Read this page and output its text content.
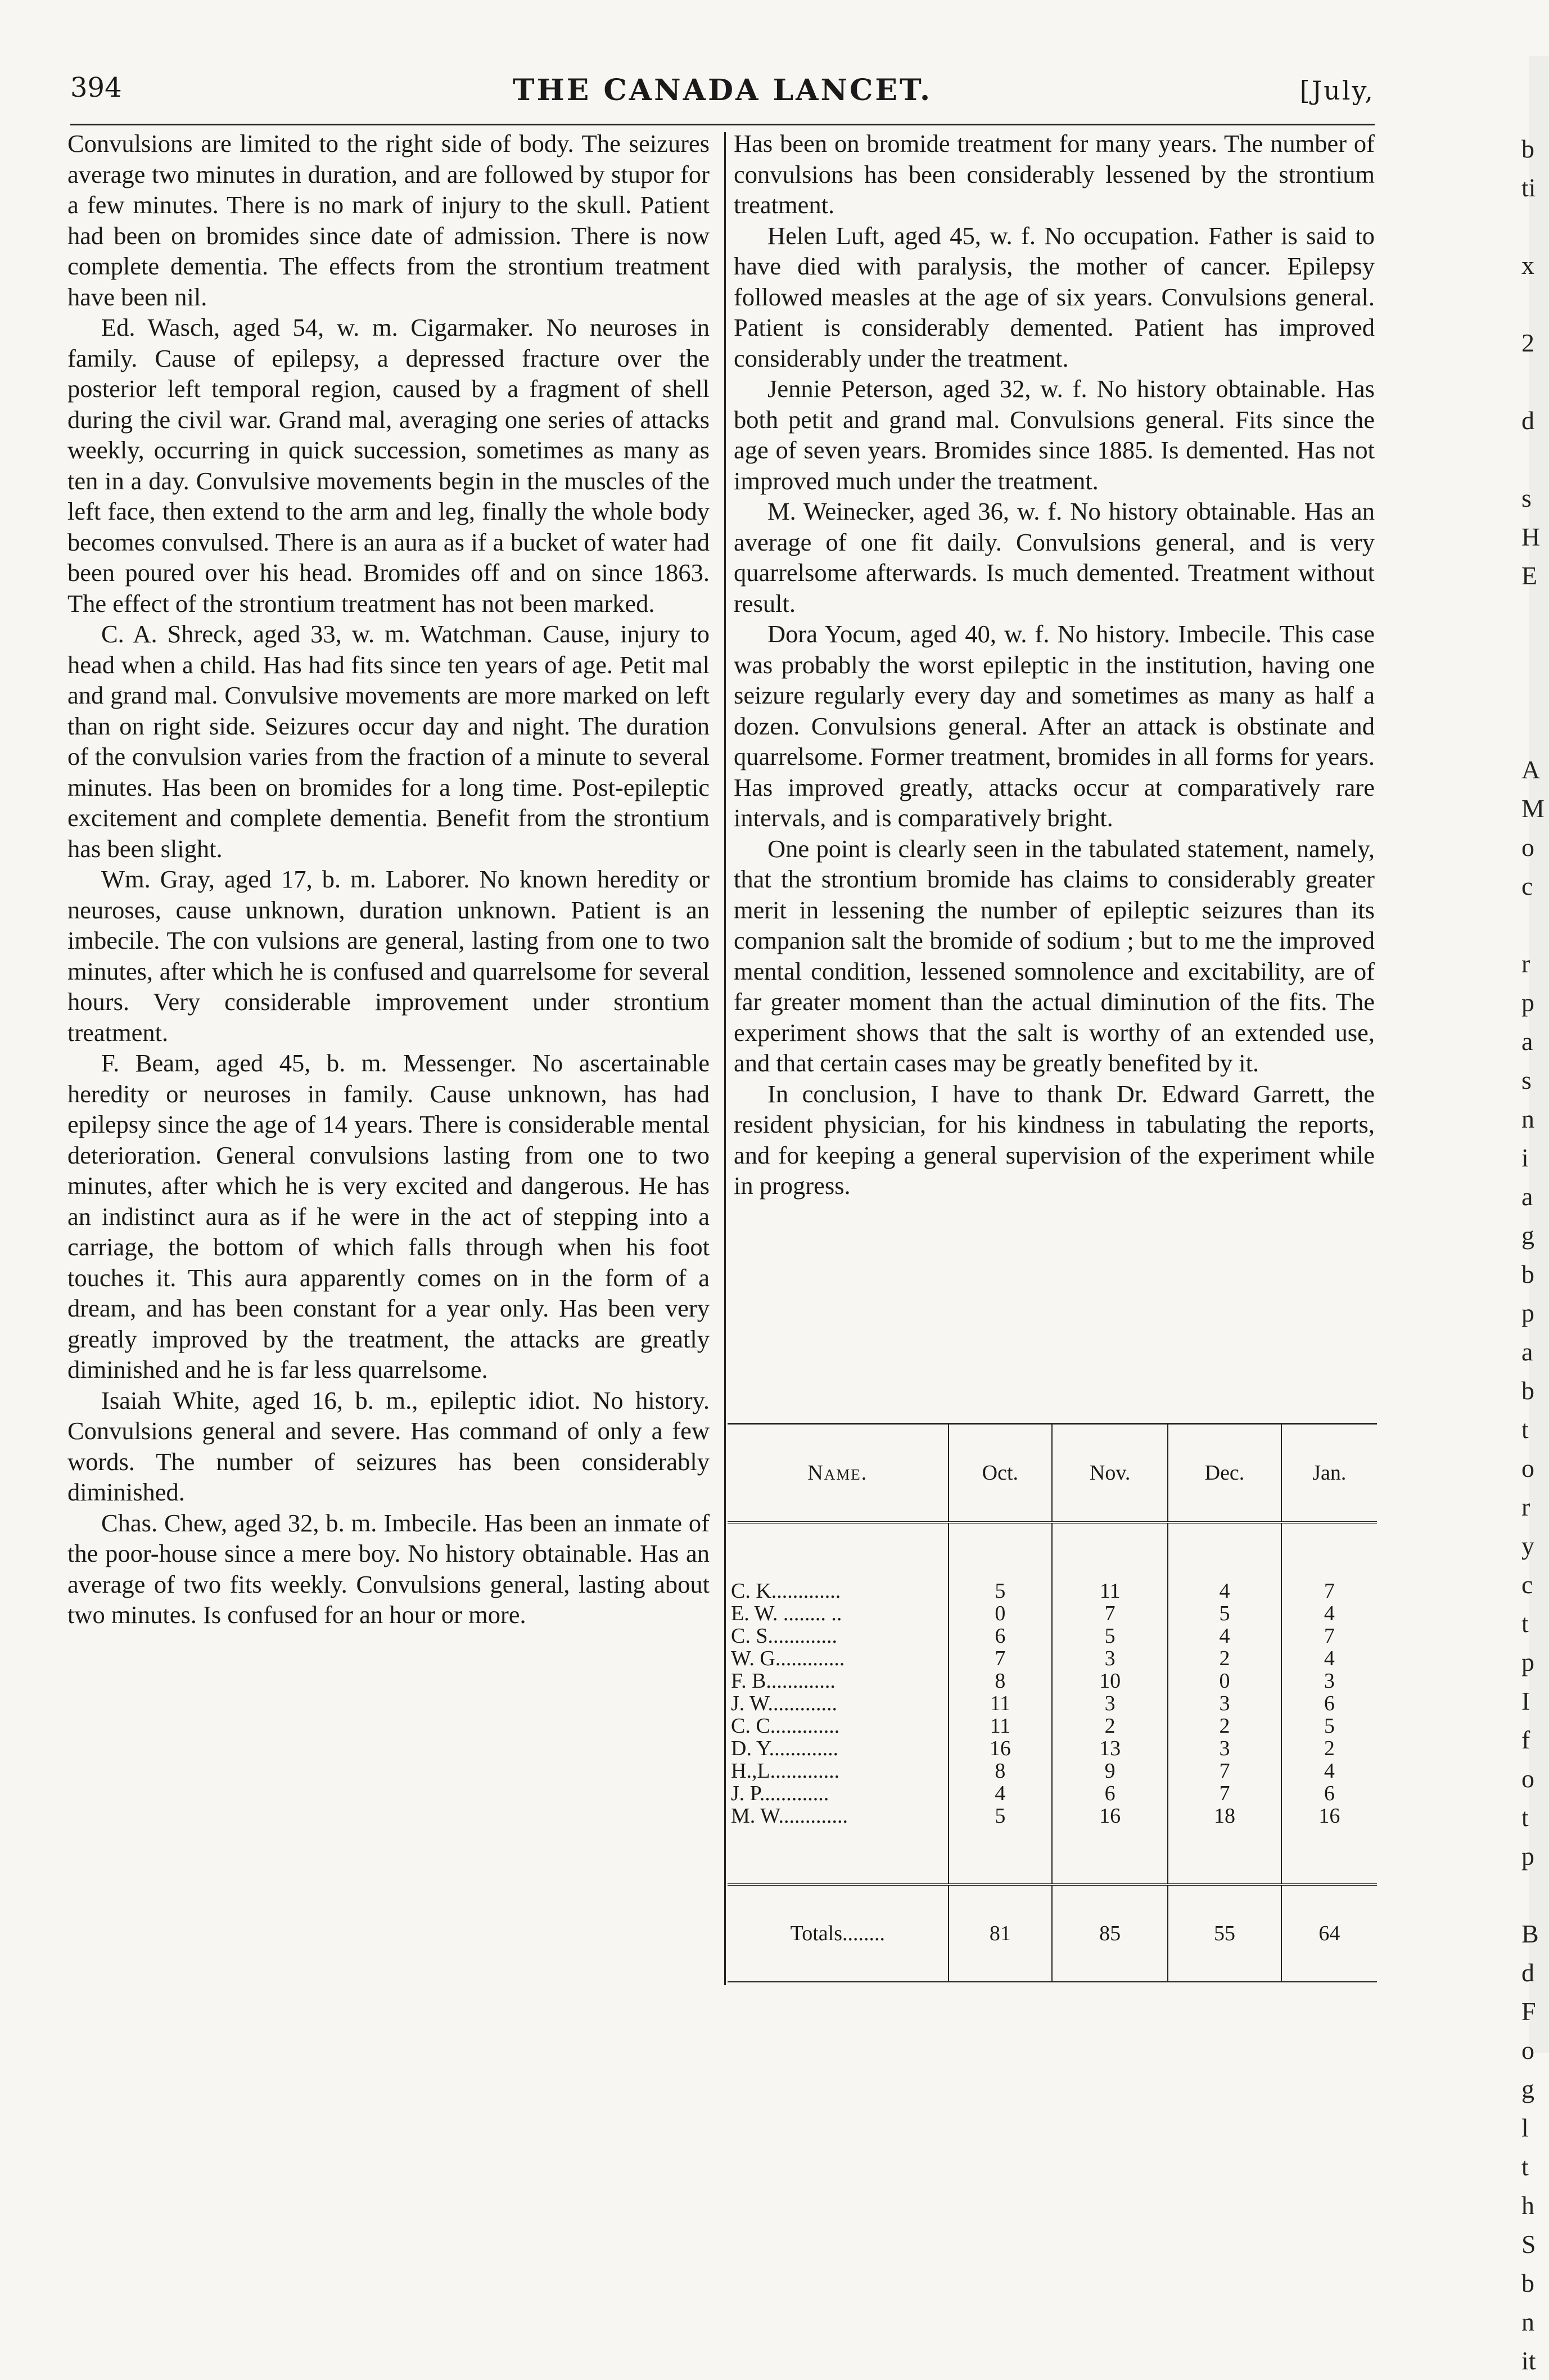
394	THE CANADA LANCET.	[July,

Convulsions are limited to the right side of body. The seizures average two minutes in duration, and are followed by stupor for a few minutes. There is no mark of injury to the skull. Patient had been on bromides since date of admission. There is now complete dementia. The effects from the strontium treatment have been nil.

Ed. Wasch, aged 54, w. m. Cigarmaker. No neuroses in family. Cause of epilepsy, a depressed fracture over the posterior left temporal region, caused by a fragment of shell during the civil war. Grand mal, averaging one series of attacks weekly, occurring in quick succession, sometimes as many as ten in a day. Convulsive movements begin in the muscles of the left face, then extend to the arm and leg, finally the whole body becomes convulsed. There is an aura as if a bucket of water had been poured over his head. Bromides off and on since 1863. The effect of the strontium treatment has not been marked.

C. A. Shreck, aged 33, w. m. Watchman. Cause, injury to head when a child. Has had fits since ten years of age. Petit mal and grand mal. Convulsive movements are more marked on left than on right side. Seizures occur day and night. The duration of the convulsion varies from the fraction of a minute to several minutes. Has been on bromides for a long time. Post-epileptic excitement and complete dementia. Benefit from the strontium has been slight.

Wm. Gray, aged 17, b. m. Laborer. No known heredity or neuroses, cause unknown, duration unknown. Patient is an imbecile. The con vulsions are general, lasting from one to two minutes, after which he is confused and quarrelsome for several hours. Very considerable improvement under strontium treatment.

F. Beam, aged 45, b. m. Messenger. No ascertainable heredity or neuroses in family. Cause unknown, has had epilepsy since the age of 14 years. There is considerable mental deterioration. General convulsions lasting from one to two minutes, after which he is very excited and dangerous. He has an indistinct aura as if he were in the act of stepping into a carriage, the bottom of which falls through when his foot touches it. This aura apparently comes on in the form of a dream, and has been constant for a year only. Has been very greatly improved by the treatment, the attacks are greatly diminished and he is far less quarrelsome.

Isaiah White, aged 16, b. m., epileptic idiot. No history. Convulsions general and severe. Has command of only a few words. The number of seizures has been considerably diminished.

Chas. Chew, aged 32, b. m. Imbecile. Has been an inmate of the poor-house since a mere boy. No history obtainable. Has an average of two fits weekly. Convulsions general, lasting about two minutes. Is confused for an hour or more.

Has been on bromide treatment for many years. The number of convulsions has been considerably lessened by the strontium treatment.

Helen Luft, aged 45, w. f. No occupation. Father is said to have died with paralysis, the mother of cancer. Epilepsy followed measles at the age of six years. Convulsions general. Patient is considerably demented. Patient has improved considerably under the treatment.

Jennie Peterson, aged 32, w. f. No history obtainable. Has both petit and grand mal. Convulsions general. Fits since the age of seven years. Bromides since 1885. Is demented. Has not improved much under the treatment.

M. Weinecker, aged 36, w. f. No history obtainable. Has an average of one fit daily. Convulsions general, and is very quarrelsome afterwards. Is much demented. Treatment without result.

Dora Yocum, aged 40, w. f. No history. Imbecile. This case was probably the worst epileptic in the institution, having one seizure regularly every day and sometimes as many as half a dozen. Convulsions general. After an attack is obstinate and quarrelsome. Former treatment, bromides in all forms for years. Has improved greatly, attacks occur at comparatively rare intervals, and is comparatively bright.

One point is clearly seen in the tabulated statement, namely, that the strontium bromide has claims to considerably greater merit in lessening the number of epileptic seizures than its companion salt the bromide of sodium ; but to me the improved mental condition, lessened somnolence and excitability, are of far greater moment than the actual diminution of the fits. The experiment shows that the salt is worthy of an extended use, and that certain cases may be greatly benefited by it.

In conclusion, I have to thank Dr. Edward Garrett, the resident physician, for his kindness in tabulating the reports, and for keeping a general supervision of the experiment while in progress.

Name.	Oct.	Nov.	Dec.	Jan.

C. K.............	5	11	4	7
E. W. ........ ..	0	7	5	4
C. S.............	6	5	4	7
W. G.............	7	3	2	4
F. B.............	8	10	0	3
J. W.............	11	3	3	6
C. C.............	11	2	2	5
D. Y.............	16	13	3	2
H.,L.............	8	9	7	4
J. P.............	4	6	7	6
M. W.............	5	16	18	16

Totals........	81	85	55	64
b
ti
x
2
d
s
H
E
A
M
o
c
r
p
a
s
n
i
a
g
b
p
a
b
t
o
r
y
c
t
p
I
f
o
t
p
B
d
F
o
g
l
t
h
S
b
n
it
